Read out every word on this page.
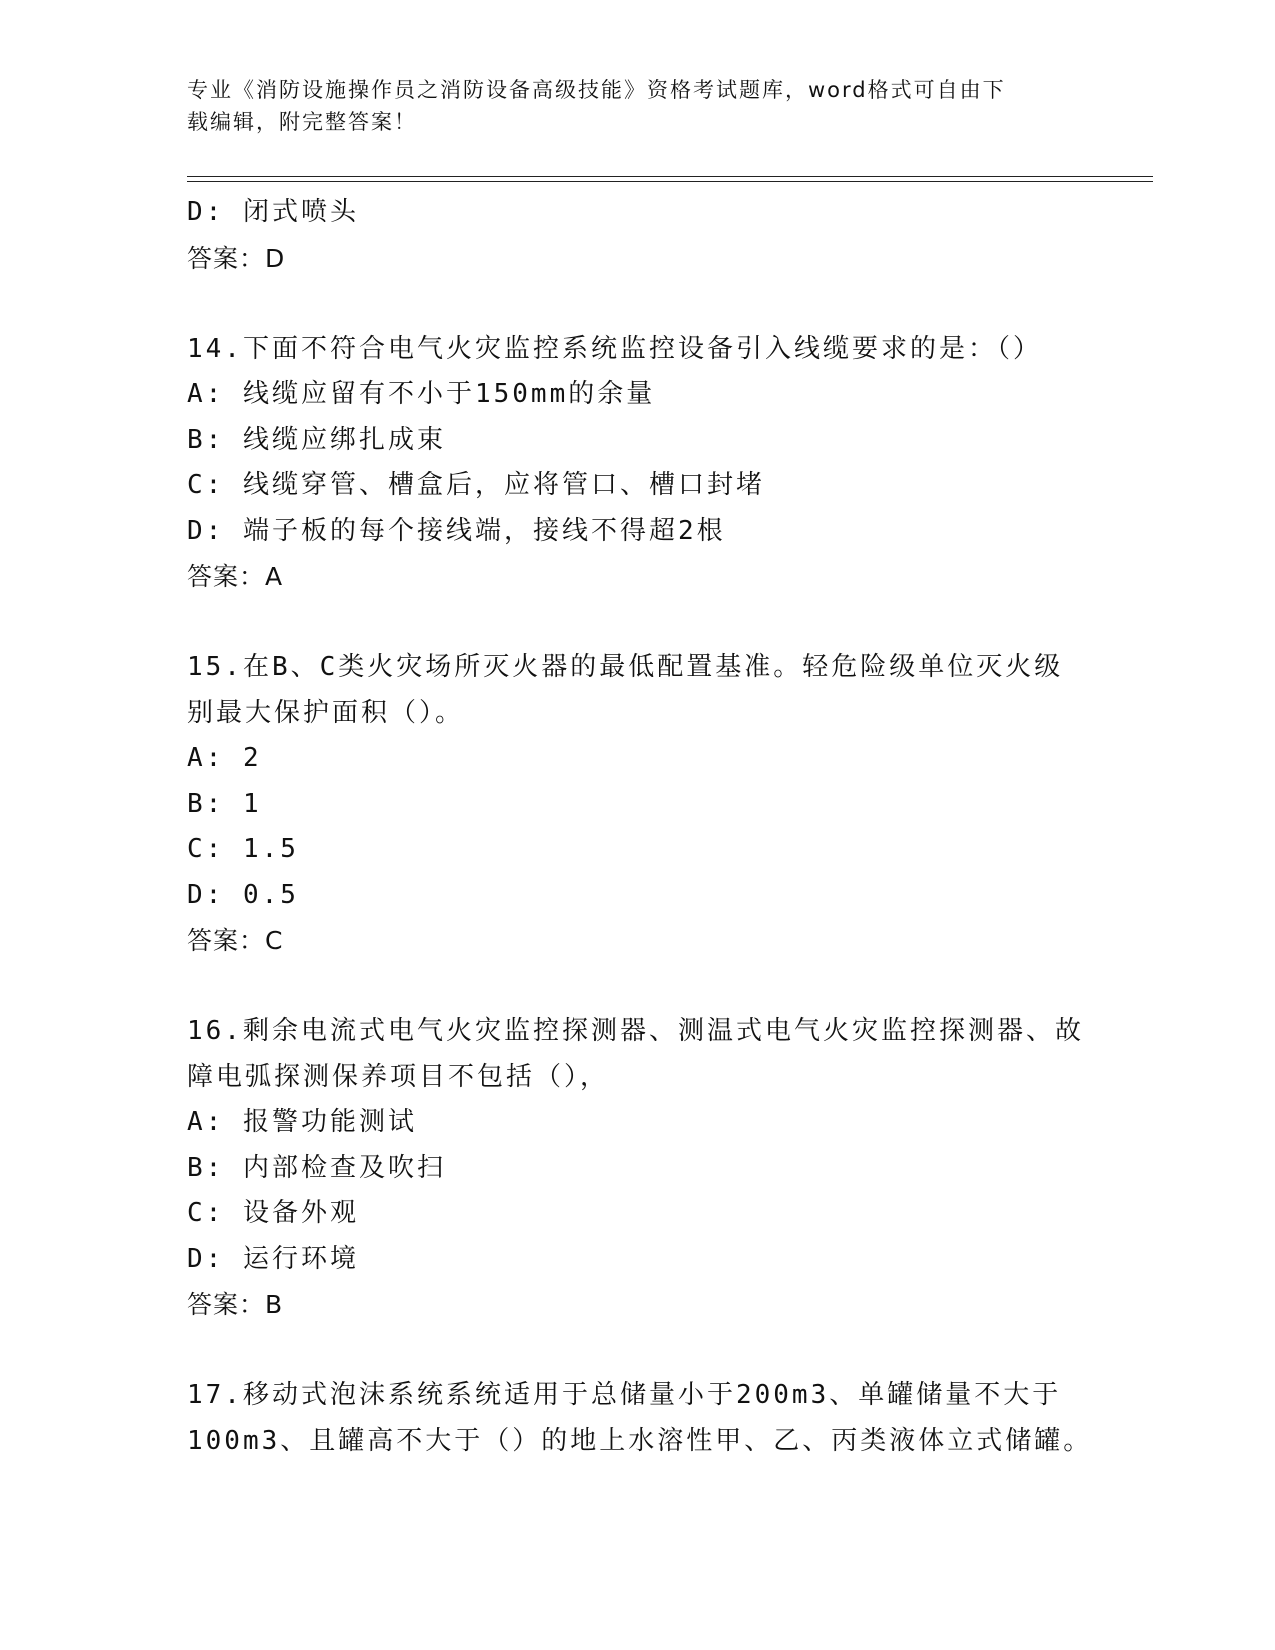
专业《消防设施操作员之消防设备高级技能》资格考试题库，word格式可自由下
载编辑，附完整答案！
D: 闭式喷头
答案：D
14.下面不符合电气火灾监控系统监控设备引入线缆要求的是：（）
A: 线缆应留有不小于150mm的余量
B: 线缆应绑扎成束
C: 线缆穿管、槽盒后，应将管口、槽口封堵
D: 端子板的每个接线端，接线不得超2根
答案：A
15.在B、C类火灾场所灭火器的最低配置基准。轻危险级单位灭火级
别最大保护面积（）。
A: 2
B: 1
C: 1.5
D: 0.5
答案：C
16.剩余电流式电气火灾监控探测器、测温式电气火灾监控探测器、故
障电弧探测保养项目不包括（），
A: 报警功能测试
B: 内部检查及吹扫
C: 设备外观
D: 运行环境
答案：B
17.移动式泡沫系统系统适用于总储量小于200m3、单罐储量不大于
100m3、且罐高不大于（）的地上水溶性甲、乙、丙类液体立式储罐。
